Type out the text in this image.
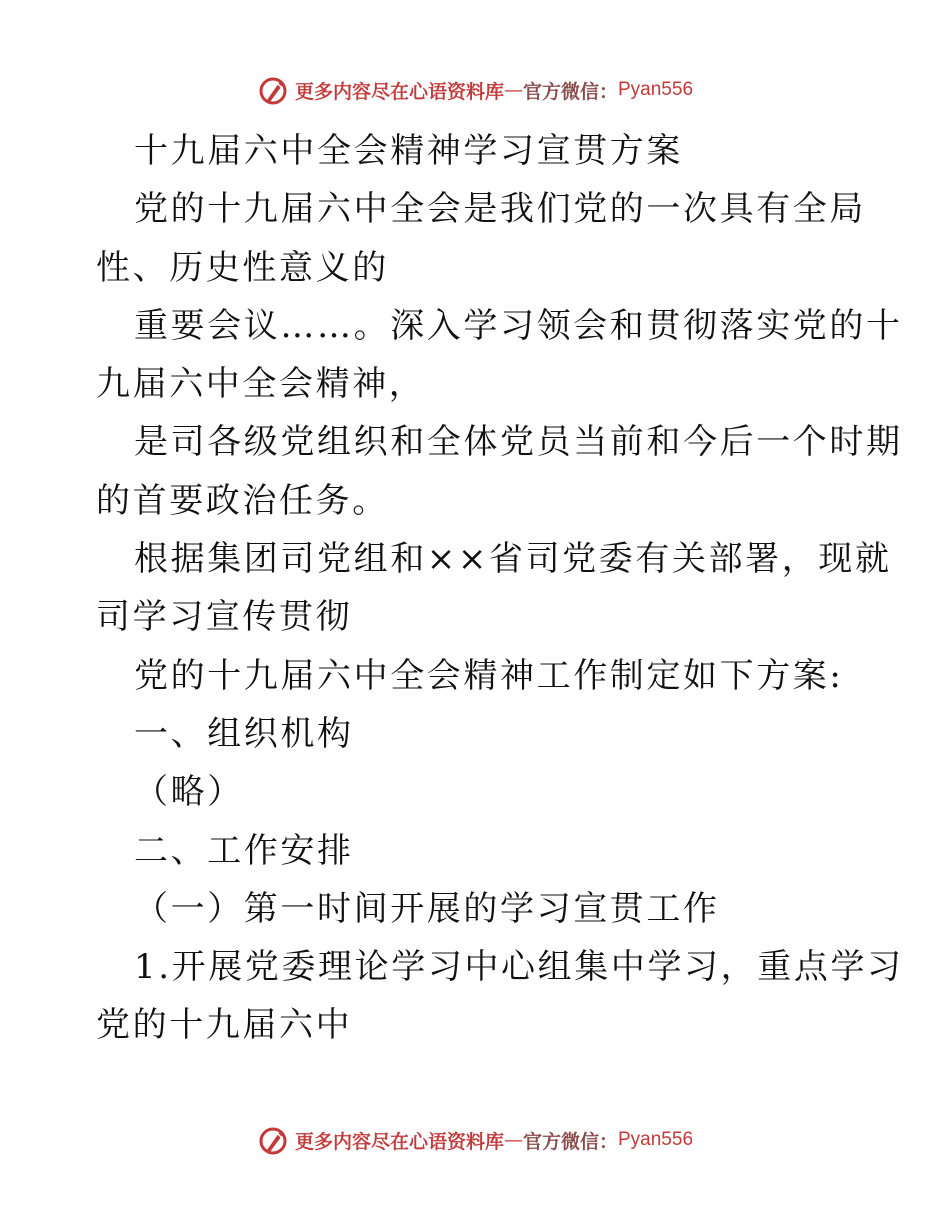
更多内容尽在心语资料库 — 官方微信： Pyan556
十九届六中全会精神学习宣贯方案
党的十九届六中全会是我们党的一次具有全局
性、历史性意义的
重要会议……。深入学习领会和贯彻落实党的十
九届六中全会精神，
是司各级党组织和全体党员当前和今后一个时期
的首要政治任务。
根据集团司党组和××省司党委有关部署，现就
司学习宣传贯彻
党的十九届六中全会精神工作制定如下方案:
一、组织机构
（略）
二、工作安排
（一）第一时间开展的学习宣贯工作
1.开展党委理论学习中心组集中学习，重点学习
党的十九届六中
更多内容尽在心语资料库 — 官方微信： Pyan556
